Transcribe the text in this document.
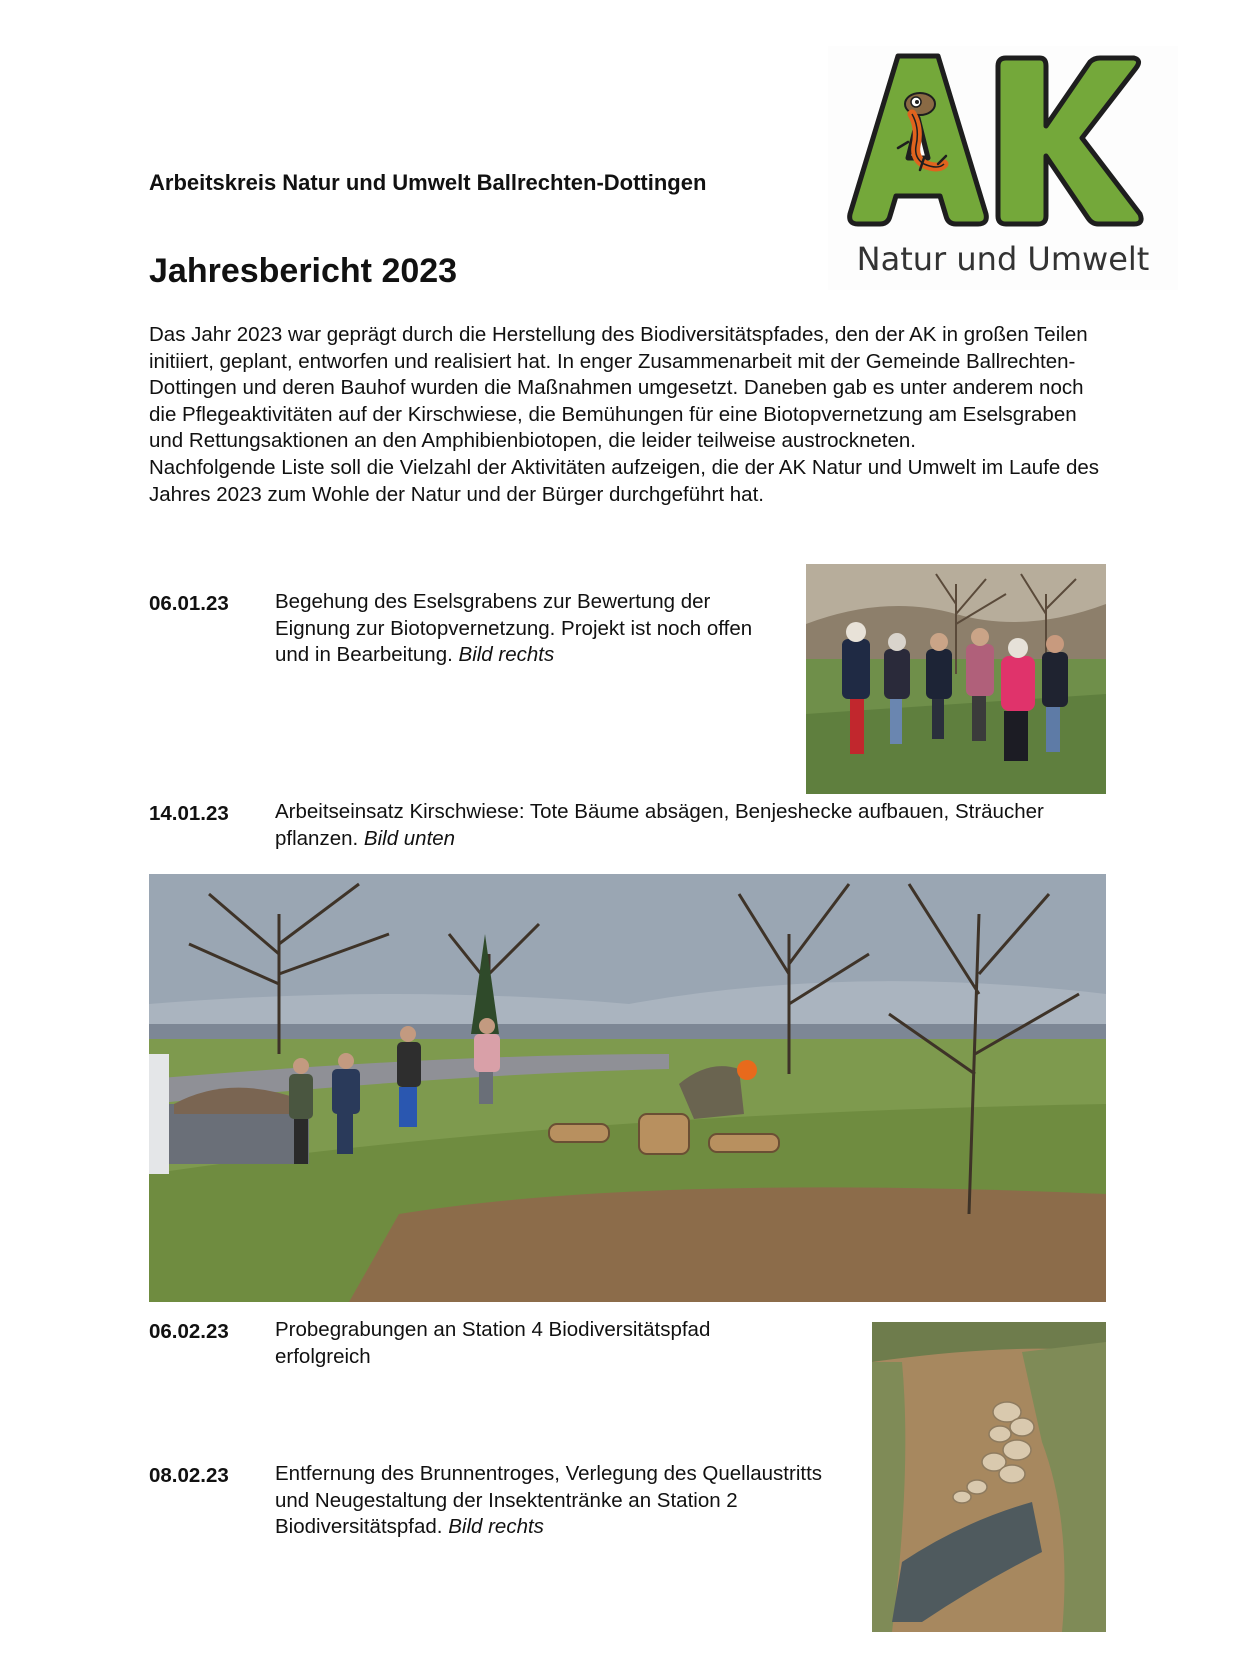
Arbeitskreis Natur und Umwelt Ballrechten-Dottingen
Jahresbericht 2023	Natur und Umwelt

Das Jahr 2023 war geprägt durch die Herstellung des Biodiversitätspfades, den der AK in großen Teilen initiiert, geplant, entworfen und realisiert hat. In enger Zusammenarbeit mit der Gemeinde Ballrechten-Dottingen und deren Bauhof wurden die Maßnahmen umgesetzt. Daneben gab es unter anderem noch die Pflegeaktivitäten auf der Kirschwiese, die Bemühungen für eine Biotopvernetzung am Eselsgraben und Rettungsaktionen an den Amphibienbiotopen, die leider teilweise austrockneten.

Nachfolgende Liste soll die Vielzahl der Aktivitäten aufzeigen, die der AK Natur und Umwelt im Laufe des Jahres 2023 zum Wohle der Natur und der Bürger durchgeführt hat.

06.01.23 Begehung des Eselsgrabens zur Bewertung der Eignung zur Biotopvernetzung. Projekt ist noch offen und in Bearbeitung. Bild rechts
14.01.23 Arbeitseinsatz Kirschwiese: Tote Bäume absägen, Benjeshecke aufbauen, Sträucher pflanzen. Bild unten
06.02.23 Probegrabungen an Station 4 Biodiversitätspfad erfolgreich
08.02.23 Entfernung des Brunnentroges, Verlegung des Quellaustritts und Neugestaltung der Insektentränke an Station 2 Biodiversitätspfad. Bild rechts
